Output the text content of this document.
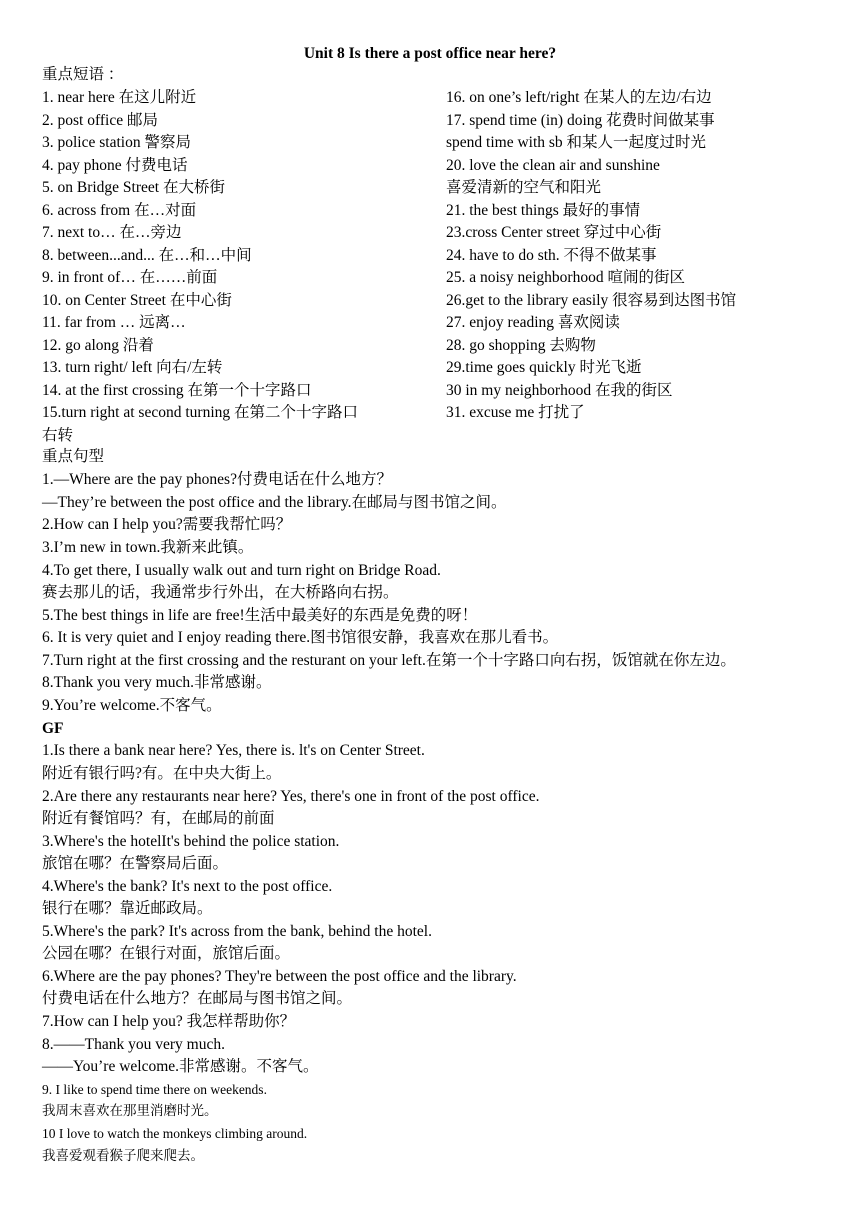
Unit 8 Is there a post office near here?
重点短语 ：
1. near here 在这儿附近
2. post office 邮局
3. police station 警察局
4. pay phone 付费电话
5. on Bridge Street 在大桥街
6. across from 在…对面
7. next to… 在…旁边
8. between...and... 在…和…中间
9. in front of… 在……前面
10. on Center Street 在中心街
11. far from … 远离…
12. go along 沿着
13. turn right/ left 向右/左转
14. at the first crossing 在第一个十字路口
15.turn right at second turning 在第二个十字路口
右转
16. on one’s left/right 在某人的左边/右边
17. spend time (in) doing 花费时间做某事
spend time with sb 和某人一起度过时光
20. love the clean air and sunshine
喜爱清新的空气和阳光
21. the best things 最好的事情
23.cross Center street 穿过中心街
24. have to do sth. 不得不做某事
25. a noisy neighborhood 喧闹的街区
26.get to the library easily 很容易到达图书馆
27. enjoy reading 喜欢阅读
28. go shopping 去购物
29.time goes quickly 时光飞逝
30 in my neighborhood 在我的街区
31. excuse me 打扰了
重点句型
1.—Where are the pay phones?付费电话在什么地方？
—They’re between the post office and the library.在邮局与图书馆之间。
2.How can I help you?需要我帮忙吗？
3.I’m new in town.我新来此镇。
4.To get there, I usually walk out and turn right on Bridge Road.
赛去那儿的话，我通常步行外出，在大桥路向右拐。
5.The best things in life are free!生活中最美好的东西是免费的呀！
6. It is very quiet and I enjoy reading there.图书馆很安静，我喜欢在那儿看书。
7.Turn right at the first crossing and the resturant on your left.在第一个十字路口向右拐，饭馆就在你左边。
8.Thank you very much.非常感谢。
9.You’re welcome.不客气。
GF
1.Is there a bank near here? Yes, there is. lt's on Center Street.
附近有银行吗?有。在中央大街上。
2.Are there any restaurants near here? Yes, there's one in front of the post office.
附近有餐馆吗？有，在邮局的前面
3.Where's the hotelIt's behind the police station.
旅馆在哪？在警察局后面。
4.Where's the bank? It's next to the post office.
银行在哪？靠近邮政局。
5.Where's the park? It's across from the bank, behind the hotel.
公园在哪？在银行对面，旅馆后面。
6.Where are the pay phones? They're between the post office and the library.
付费电话在什么地方？在邮局与图书馆之间。
7.How can I help you? 我怎样帮助你？
8.——Thank you very much.
——You’re welcome.非常感谢。不客气。
9. I like to spend time there on weekends.
我周末喜欢在那里消磨时光。
10 I love to watch the monkeys climbing around.
我喜爱观看猴子爬来爬去。
